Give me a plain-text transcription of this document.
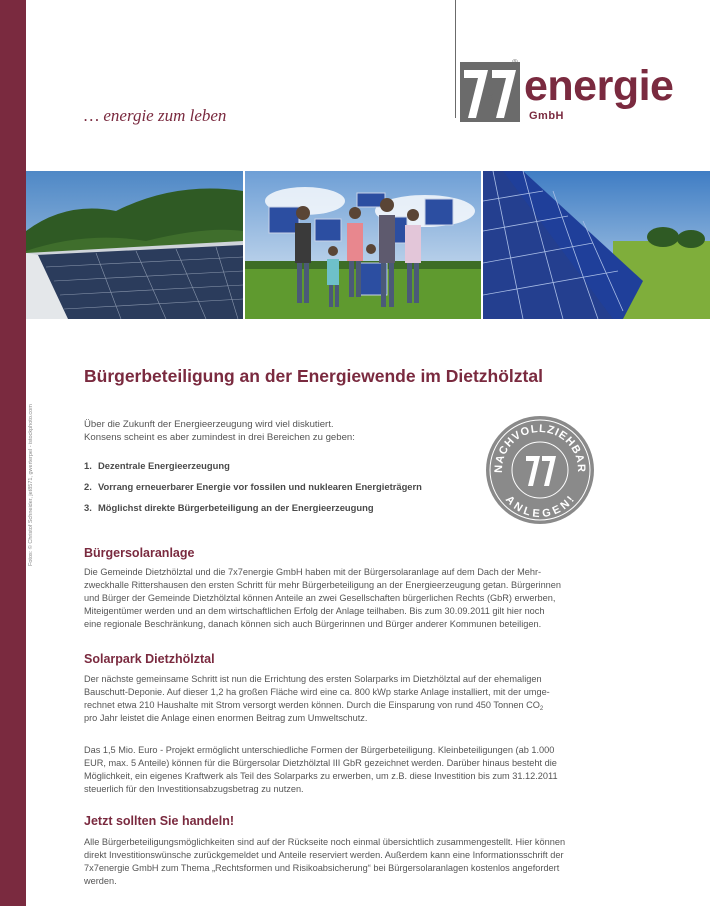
… energie zum leben
x
® energie
GmbH
Fotos: © Christof Schneider, jet8571, gwerterpel - istockphoto.com
Bürgerbeteiligung an der Energiewende im Dietzhölztal
Über die Zukunft der Energieerzeugung wird viel diskutiert.
Konsens scheint es aber zumindest in drei Bereichen zu geben:
1. Dezentrale Energieerzeugung
2. Vorrang erneuerbarer Energie vor fossilen und nuklearen Energieträgern
3. Möglichst direkte Bürgerbeteiligung an der Energieerzeugung
NACHVOLLZIEHBAR
ANLEGEN!
Bürgersolaranlage
Die Gemeinde Dietzhölztal und die 7x7energie GmbH haben mit der Bürgersolaranlage auf dem Dach der Mehr-
zweckhalle Rittershausen den ersten Schritt für mehr Bürgerbeteiligung an der Energieerzeugung getan. Bürgerinnen
und Bürger der Gemeinde Dietzhölztal können Anteile an zwei Gesellschaften bürgerlichen Rechts (GbR) erwerben,
Miteigentümer werden und an dem wirtschaftlichen Erfolg der Anlage teilhaben. Bis zum 30.09.2011 gilt hier noch
eine regionale Beschränkung, danach können sich auch Bürgerinnen und Bürger anderer Kommunen beteiligen.
Solarpark Dietzhölztal
Der nächste gemeinsame Schritt ist nun die Errichtung des ersten Solarparks im Dietzhölztal auf der ehemaligen
Bauschutt-Deponie. Auf dieser 1,2 ha großen Fläche wird eine ca. 800 kWp starke Anlage installiert, mit der umge-
rechnet etwa 210 Haushalte mit Strom versorgt werden können. Durch die Einsparung von rund 450 Tonnen $CO_2$
pro Jahr leistet die Anlage einen enormen Beitrag zum Umweltschutz.
Das 1,5 Mio. Euro - Projekt ermöglicht unterschiedliche Formen der Bürgerbeteiligung. Kleinbeteiligungen (ab 1.000
EUR, max. 5 Anteile) können für die Bürgersolar Dietzhölztal III GbR gezeichnet werden. Darüber hinaus besteht die
Möglichkeit, ein eigenes Kraftwerk als Teil des Solarparks zu erwerben, um z.B. diese Investition bis zum 31.12.2011
steuerlich für den Investitionsabzugsbetrag zu nutzen.
Jetzt sollten Sie handeln!
Alle Bürgerbeteiligungsmöglichkeiten sind auf der Rückseite noch einmal übersichtlich zusammengestellt. Hier können
direkt Investitionswünsche zurückgemeldet und Anteile reserviert werden. Außerdem kann eine Informationsschrift der
7x7energie GmbH zum Thema „Rechtsformen und Risikoabsicherung“ bei Bürgersolaranlagen kostenlos angefordert
werden.
